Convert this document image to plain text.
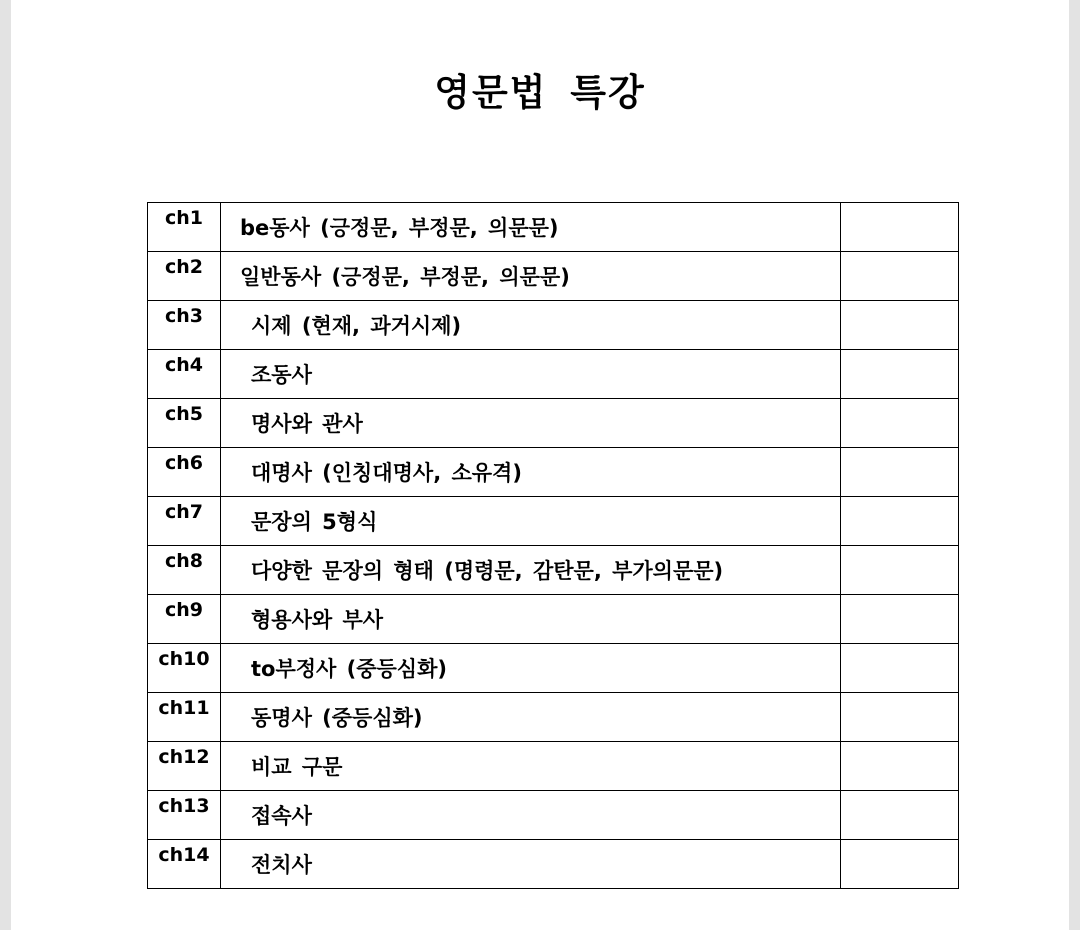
영문법 특강
ch1	be동사 (긍정문, 부정문, 의문문)	
ch2	일반동사 (긍정문, 부정문, 의문문)	
ch3	시제 (현재, 과거시제)	
ch4	조동사	
ch5	명사와 관사	
ch6	대명사 (인칭대명사, 소유격)	
ch7	문장의 5형식	
ch8	다양한 문장의 형태 (명령문, 감탄문, 부가의문문)	
ch9	형용사와 부사	
ch10	to부정사 (중등심화)	
ch11	동명사 (중등심화)	
ch12	비교 구문	
ch13	접속사	
ch14	전치사	
